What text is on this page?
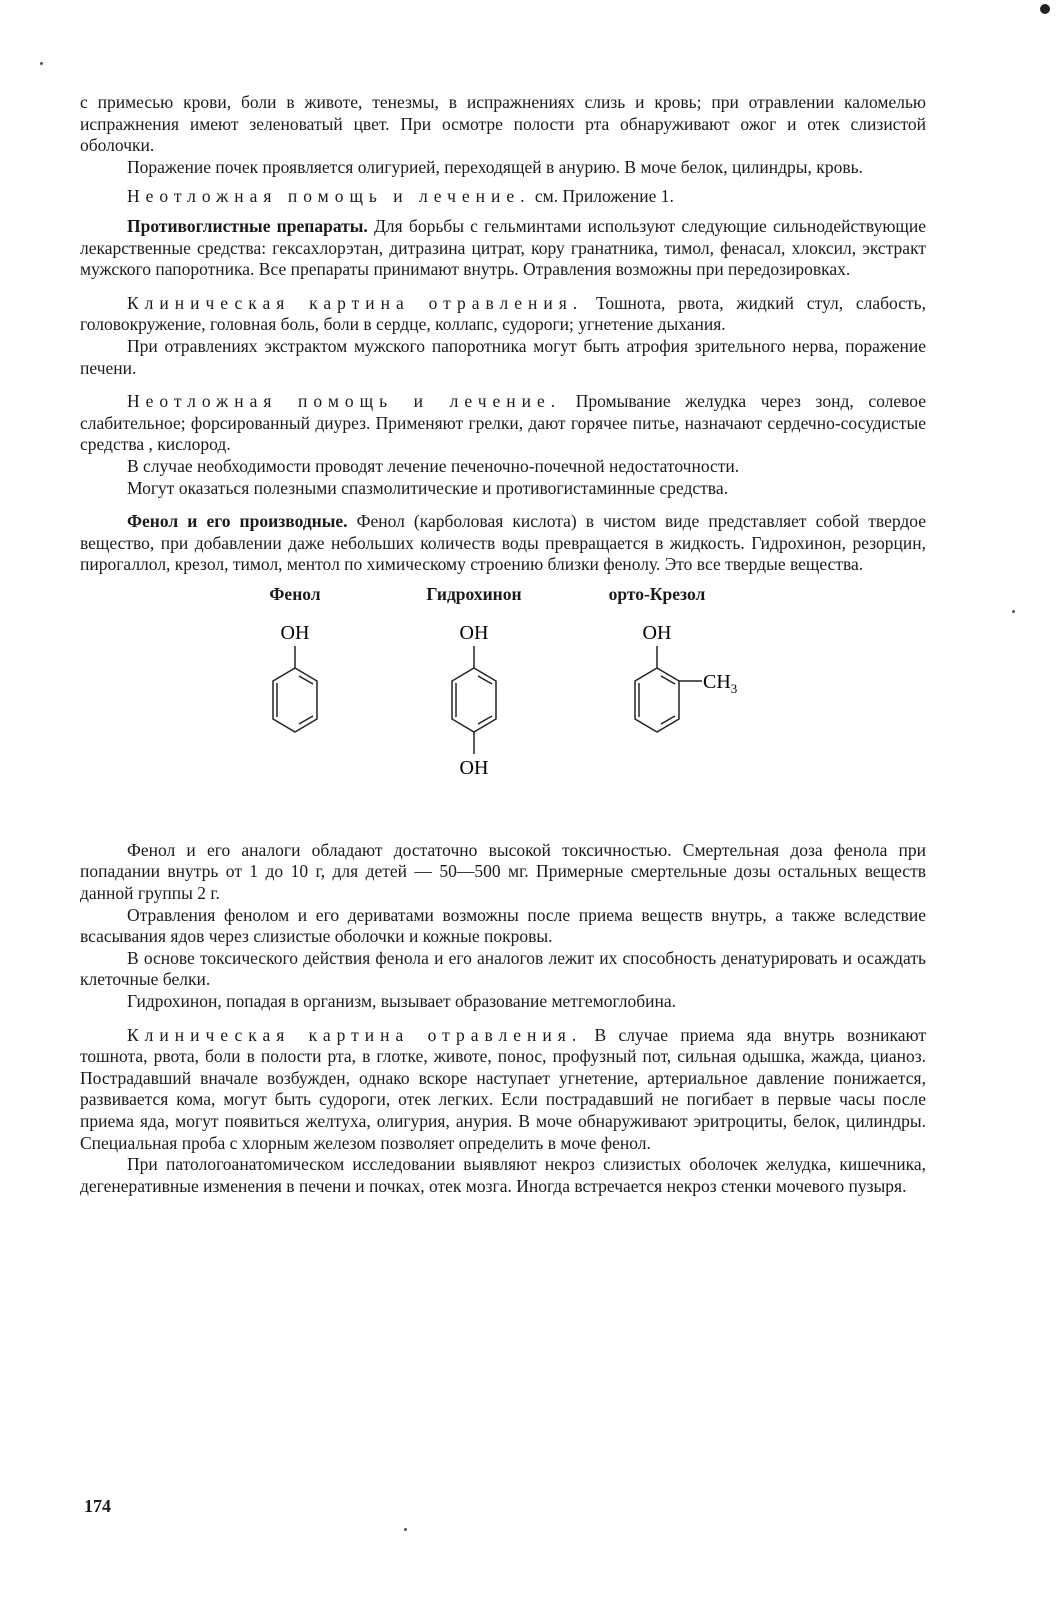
с примесью крови, боли в животе, тенезмы, в испражнениях слизь и кровь; при отравлении каломелью испражнения имеют зеленоватый цвет. При осмотре полости рта обнаруживают ожог и отек слизистой оболочки.

Поражение почек проявляется олигурией, переходящей в анурию. В моче белок, цилиндры, кровь.

Неотложная помощь и лечение. см. Приложение 1.

Противоглистные препараты. Для борьбы с гельминтами используют следующие сильнодействующие лекарственные средства: гексахлорэтан, дитразина цитрат, кору гранатника, тимол, фенасал, хлоксил, экстракт мужского папоротника. Все препараты принимают внутрь. Отравления возможны при передозировках.

Клиническая картина отравления. Тошнота, рвота, жидкий стул, слабость, головокружение, головная боль, боли в сердце, коллапс, судороги; угнетение дыхания.

При отравлениях экстрактом мужского папоротника могут быть атрофия зрительного нерва, поражение печени.

Неотложная помощь и лечение. Промывание желудка через зонд, солевое слабительное; форсированный диурез. Применяют грелки, дают горячее питье, назначают сердечно-сосудистые средства , кислород.

В случае необходимости проводят лечение печеночно-почечной недостаточности.

Могут оказаться полезными спазмолитические и противогистаминные средства.

Фенол и его производные. Фенол (карболовая кислота) в чистом виде представляет собой твердое вещество, при добавлении даже небольших количеств воды превращается в жидкость. Гидрохинон, резорцин, пирогаллол, крезол, тимол, ментол по химическому строению близки фенолу. Это все твердые вещества.

Фенол
OH
Гидрохинон
OH
OH
орто-Крезол
OH
$CH_3$

Фенол и его аналоги обладают достаточно высокой токсичностью. Смертельная доза фенола при попадании внутрь от 1 до 10 г, для детей — 50—500 мг. Примерные смертельные дозы остальных веществ данной группы 2 г.

Отравления фенолом и его дериватами возможны после приема веществ внутрь, а также вследствие всасывания ядов через слизистые оболочки и кожные покровы.

В основе токсического действия фенола и его аналогов лежит их способность денатурировать и осаждать клеточные белки.

Гидрохинон, попадая в организм, вызывает образование метгемоглобина.

Клиническая картина отравления. В случае приема яда внутрь возникают тошнота, рвота, боли в полости рта, в глотке, животе, понос, профузный пот, сильная одышка, жажда, цианоз. Пострадавший вначале возбужден, однако вскоре наступает угнетение, артериальное давление понижается, развивается кома, могут быть судороги, отек легких. Если пострадавший не погибает в первые часы после приема яда, могут появиться желтуха, олигурия, анурия. В моче обнаруживают эритроциты, белок, цилиндры. Специальная проба с хлорным железом позволяет определить в моче фенол.

При патологоанатомическом исследовании выявляют некроз слизистых оболочек желудка, кишечника, дегенеративные изменения в печени и почках, отек мозга. Иногда встречается некроз стенки мочевого пузыря.

174
